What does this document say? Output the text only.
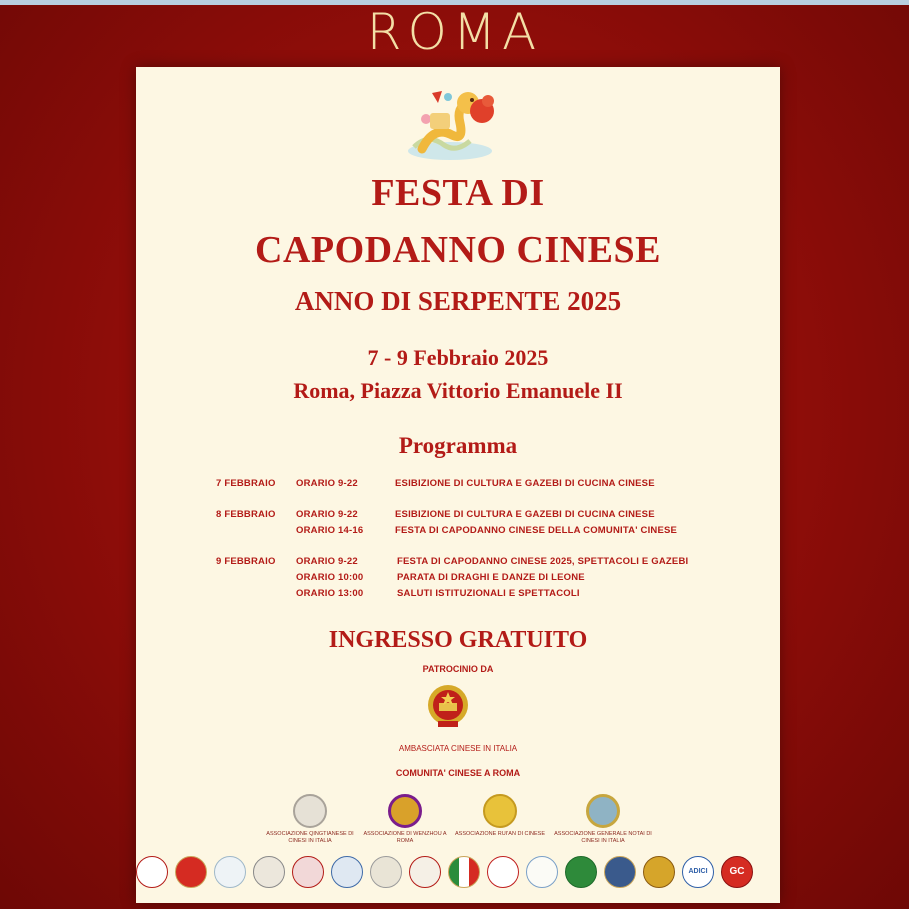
ROMA
FESTA DI
CAPODANNO CINESE
ANNO DI SERPENTE 2025
7 - 9 Febbraio 2025
Roma, Piazza Vittorio Emanuele II
Programma
7 FEBBRAIO ORARIO 9-22	ESIBIZIONE DI CULTURA E GAZEBI DI CUCINA CINESE
8 FEBBRAIO ORARIO 9-22	ESIBIZIONE DI CULTURA E GAZEBI DI CUCINA CINESE
ORARIO 14-16	FESTA DI CAPODANNO CINESE DELLA COMUNITA' CINESE
9 FEBBRAIO ORARIO 9-22	FESTA DI CAPODANNO CINESE 2025, SPETTACOLI E GAZEBI
ORARIO 10:00	PARATA DI DRAGHI E DANZE DI LEONE
ORARIO 13:00	SALUTI ISTITUZIONALI E SPETTACOLI
INGRESSO GRATUITO
PATROCINIO DA
AMBASCIATA CINESE IN ITALIA
COMUNITA' CINESE A ROMA
ASSOCIAZIONE QINGTIANESE DI CINESI IN ITALIA
ASSOCIAZIONE DI WENZHOU A ROMA
ASSOCIAZIONE RUI'AN DI CINESE	ASSOCIAZIONE GENERALE NOTAI DI CINESI IN ITALIA
ADICI	GC
